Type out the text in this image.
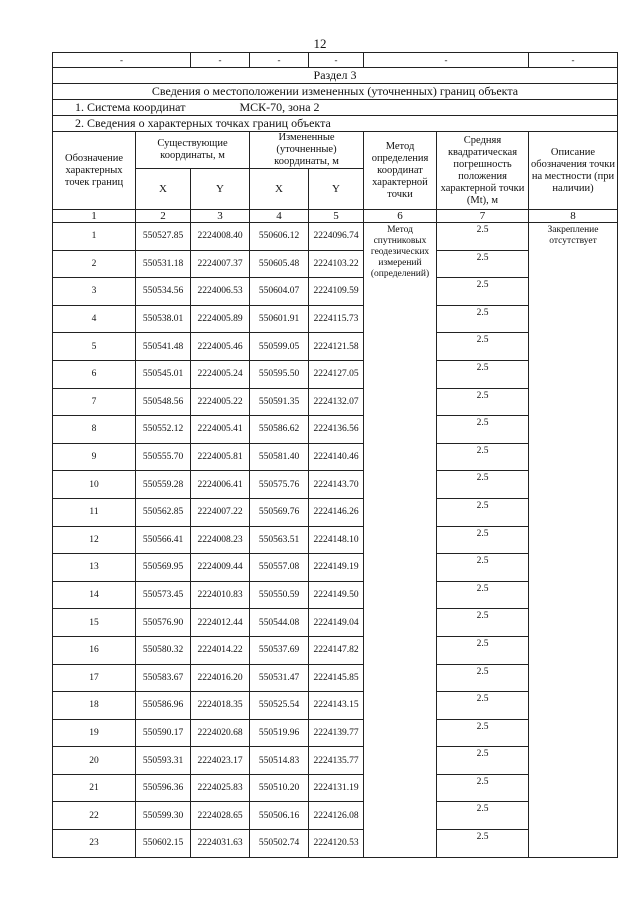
12
-		-	-	-	-		-
Раздел 3							
Сведения о местоположении измененных (уточненных) границ объекта							
1. Система координат МСК-70, зона 2							
2. Сведения о характерных точках границ объекта							
Обозначение характерных точек границ	Существующие координаты, м		Измененные (уточненные) координаты, м		Метод определения координат характерной точки	Средняя квадратическая погрешность положения характерной точки (Mt), м	Описание обозначения точки на местности (при наличии)
	X	Y	X	Y			
1	2	3	4	5	6	7	8
1	550527.85	2224008.40	550606.12	2224096.74	Метод спутниковых геодезических измерений (определений)	2.5	Закрепление отсутствует
2	550531.18	2224007.37	550605.48	2224103.22		2.5	
3	550534.56	2224006.53	550604.07	2224109.59		2.5	
4	550538.01	2224005.89	550601.91	2224115.73		2.5	
5	550541.48	2224005.46	550599.05	2224121.58		2.5	
6	550545.01	2224005.24	550595.50	2224127.05		2.5	
7	550548.56	2224005.22	550591.35	2224132.07		2.5	
8	550552.12	2224005.41	550586.62	2224136.56		2.5	
9	550555.70	2224005.81	550581.40	2224140.46		2.5	
10	550559.28	2224006.41	550575.76	2224143.70		2.5	
11	550562.85	2224007.22	550569.76	2224146.26		2.5	
12	550566.41	2224008.23	550563.51	2224148.10		2.5	
13	550569.95	2224009.44	550557.08	2224149.19		2.5	
14	550573.45	2224010.83	550550.59	2224149.50		2.5	
15	550576.90	2224012.44	550544.08	2224149.04		2.5	
16	550580.32	2224014.22	550537.69	2224147.82		2.5	
17	550583.67	2224016.20	550531.47	2224145.85		2.5	
18	550586.96	2224018.35	550525.54	2224143.15		2.5	
19	550590.17	2224020.68	550519.96	2224139.77		2.5	
20	550593.31	2224023.17	550514.83	2224135.77		2.5	
21	550596.36	2224025.83	550510.20	2224131.19		2.5	
22	550599.30	2224028.65	550506.16	2224126.08		2.5	
23	550602.15	2224031.63	550502.74	2224120.53		2.5	
